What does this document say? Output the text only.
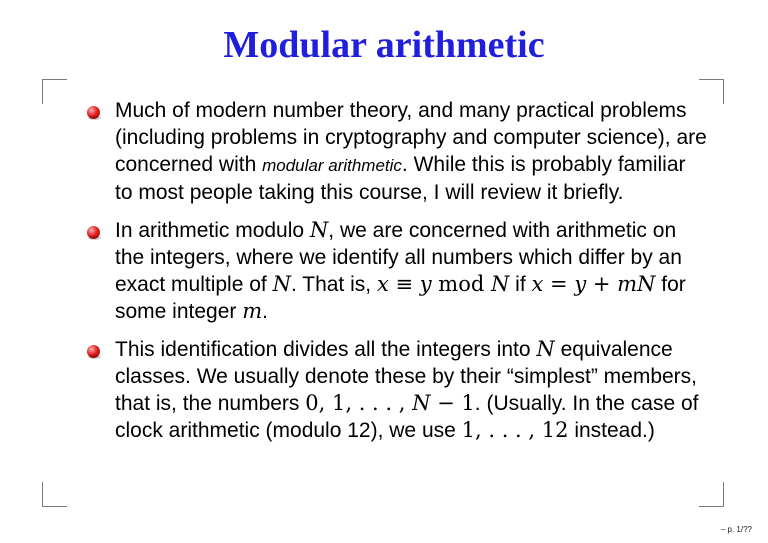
Modular arithmetic
Much of modern number theory, and many practical problems (including problems in cryptography and computer science), are concerned with modular arithmetic. While this is probably familiar to most people taking this course, I will review it briefly.
In arithmetic modulo N, we are concerned with arithmetic on the integers, where we identify all numbers which differ by an exact multiple of N. That is, x ≡ y mod N if x = y + mN for some integer m.
This identification divides all the integers into N equivalence classes. We usually denote these by their “simplest” members, that is, the numbers 0, 1, . . . , N − 1. (Usually. In the case of clock arithmetic (modulo 12), we use 1, . . . , 12 instead.)
– p. 1/??
